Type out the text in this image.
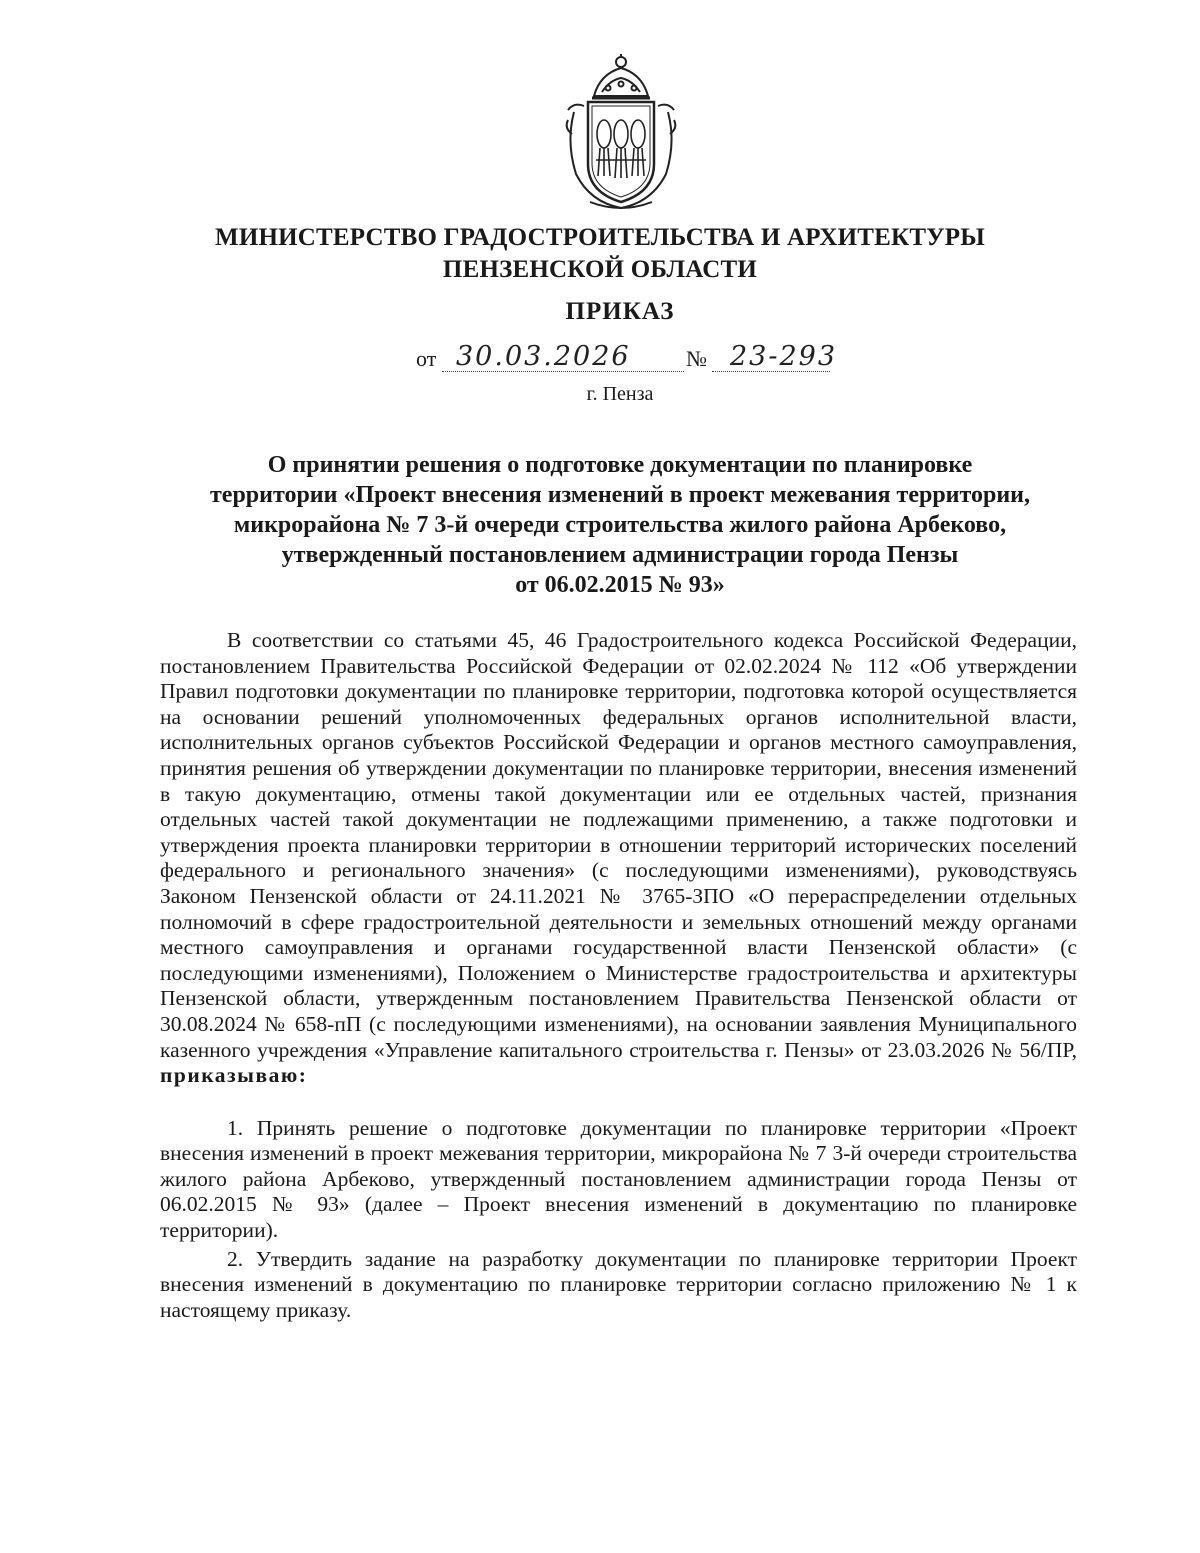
МИНИСТЕРСТВО ГРАДОСТРОИТЕЛЬСТВА И АРХИТЕКТУРЫ
ПЕНЗЕНСКОЙ ОБЛАСТИ
ПРИКАЗ
от 30.03.2026	№ 23-293
г. Пенза
О принятии решения о подготовке документации по планировке
территории «Проект внесения изменений в проект межевания территории,
микрорайона № 7 3-й очереди строительства жилого района Арбеково,
утвержденный постановлением администрации города Пензы
от 06.02.2015 № 93»

В соответствии со статьями 45, 46 Градостроительного кодекса Российской Федерации, постановлением Правительства Российской Федерации от 02.02.2024 № 112 «Об утверждении Правил подготовки документации по планировке территории, подготовка которой осуществляется на основании решений уполномоченных федеральных органов исполнительной власти, исполнительных органов субъектов Российской Федерации и органов местного самоуправления, принятия решения об утверждении документации по планировке территории, внесения изменений в такую документацию, отмены такой документации или ее отдельных частей, признания отдельных частей такой документации не подлежащими применению, а также подготовки и утверждения проекта планировки территории в отношении территорий исторических поселений федерального и регионального значения» (с последующими изменениями), руководствуясь Законом Пензенской области от 24.11.2021 № 3765-ЗПО «О перераспределении отдельных полномочий в сфере градостроительной деятельности и земельных отношений между органами местного самоуправления и органами государственной власти Пензенской области» (с последующими изменениями), Положением о Министерстве градостроительства и архитектуры Пензенской области, утвержденным постановлением Правительства Пензенской области от 30.08.2024 № 658-пП (с последующими изменениями), на основании заявления Муниципального казенного учреждения «Управление капитального строительства г. Пензы» от 23.03.2026 № 56/ПР, приказываю:

1. Принять решение о подготовке документации по планировке территории «Проект внесения изменений в проект межевания территории, микрорайона № 7 3-й очереди строительства жилого района Арбеково, утвержденный постановлением администрации города Пензы от 06.02.2015 № 93» (далее – Проект внесения изменений в документацию по планировке территории).

2. Утвердить задание на разработку документации по планировке территории Проект внесения изменений в документацию по планировке территории согласно приложению № 1 к настоящему приказу.
